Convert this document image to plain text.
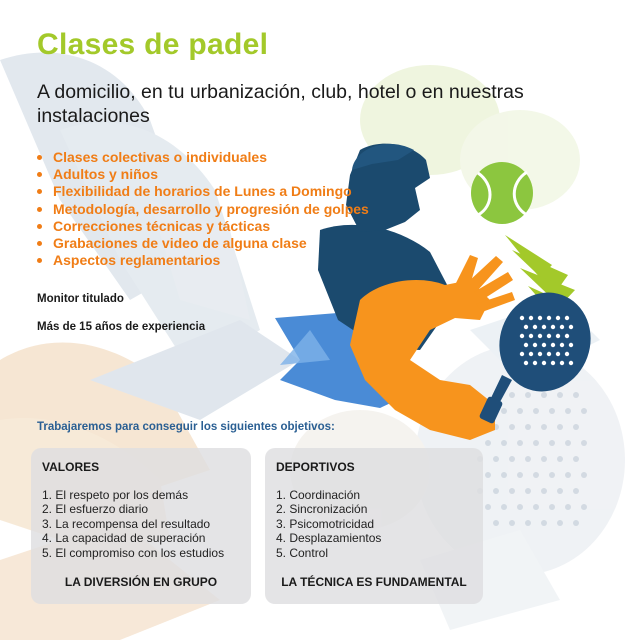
Clases de padel

A domicilio, en tu urbanización, club, hotel o en nuestras instalaciones

Clases colectivas o individuales
Adultos y niños
Flexibilidad de horarios de Lunes a Domingo
Metodología, desarrollo y progresión de golpes
Correcciones técnicas y tácticas
Grabaciones de video de alguna clase
Aspectos reglamentarios

Monitor titulado

Más de 15 años de experiencia

Trabajaremos para conseguir los siguientes objetivos:

VALORES

1. El respeto por los demás
2. El esfuerzo diario
3. La recompensa del resultado
4. La capacidad de superación
5. El compromiso con los estudios

LA DIVERSIÓN EN GRUPO

DEPORTIVOS

1. Coordinación
2. Sincronización
3. Psicomotricidad
4. Desplazamientos
5. Control

LA TÉCNICA ES FUNDAMENTAL
